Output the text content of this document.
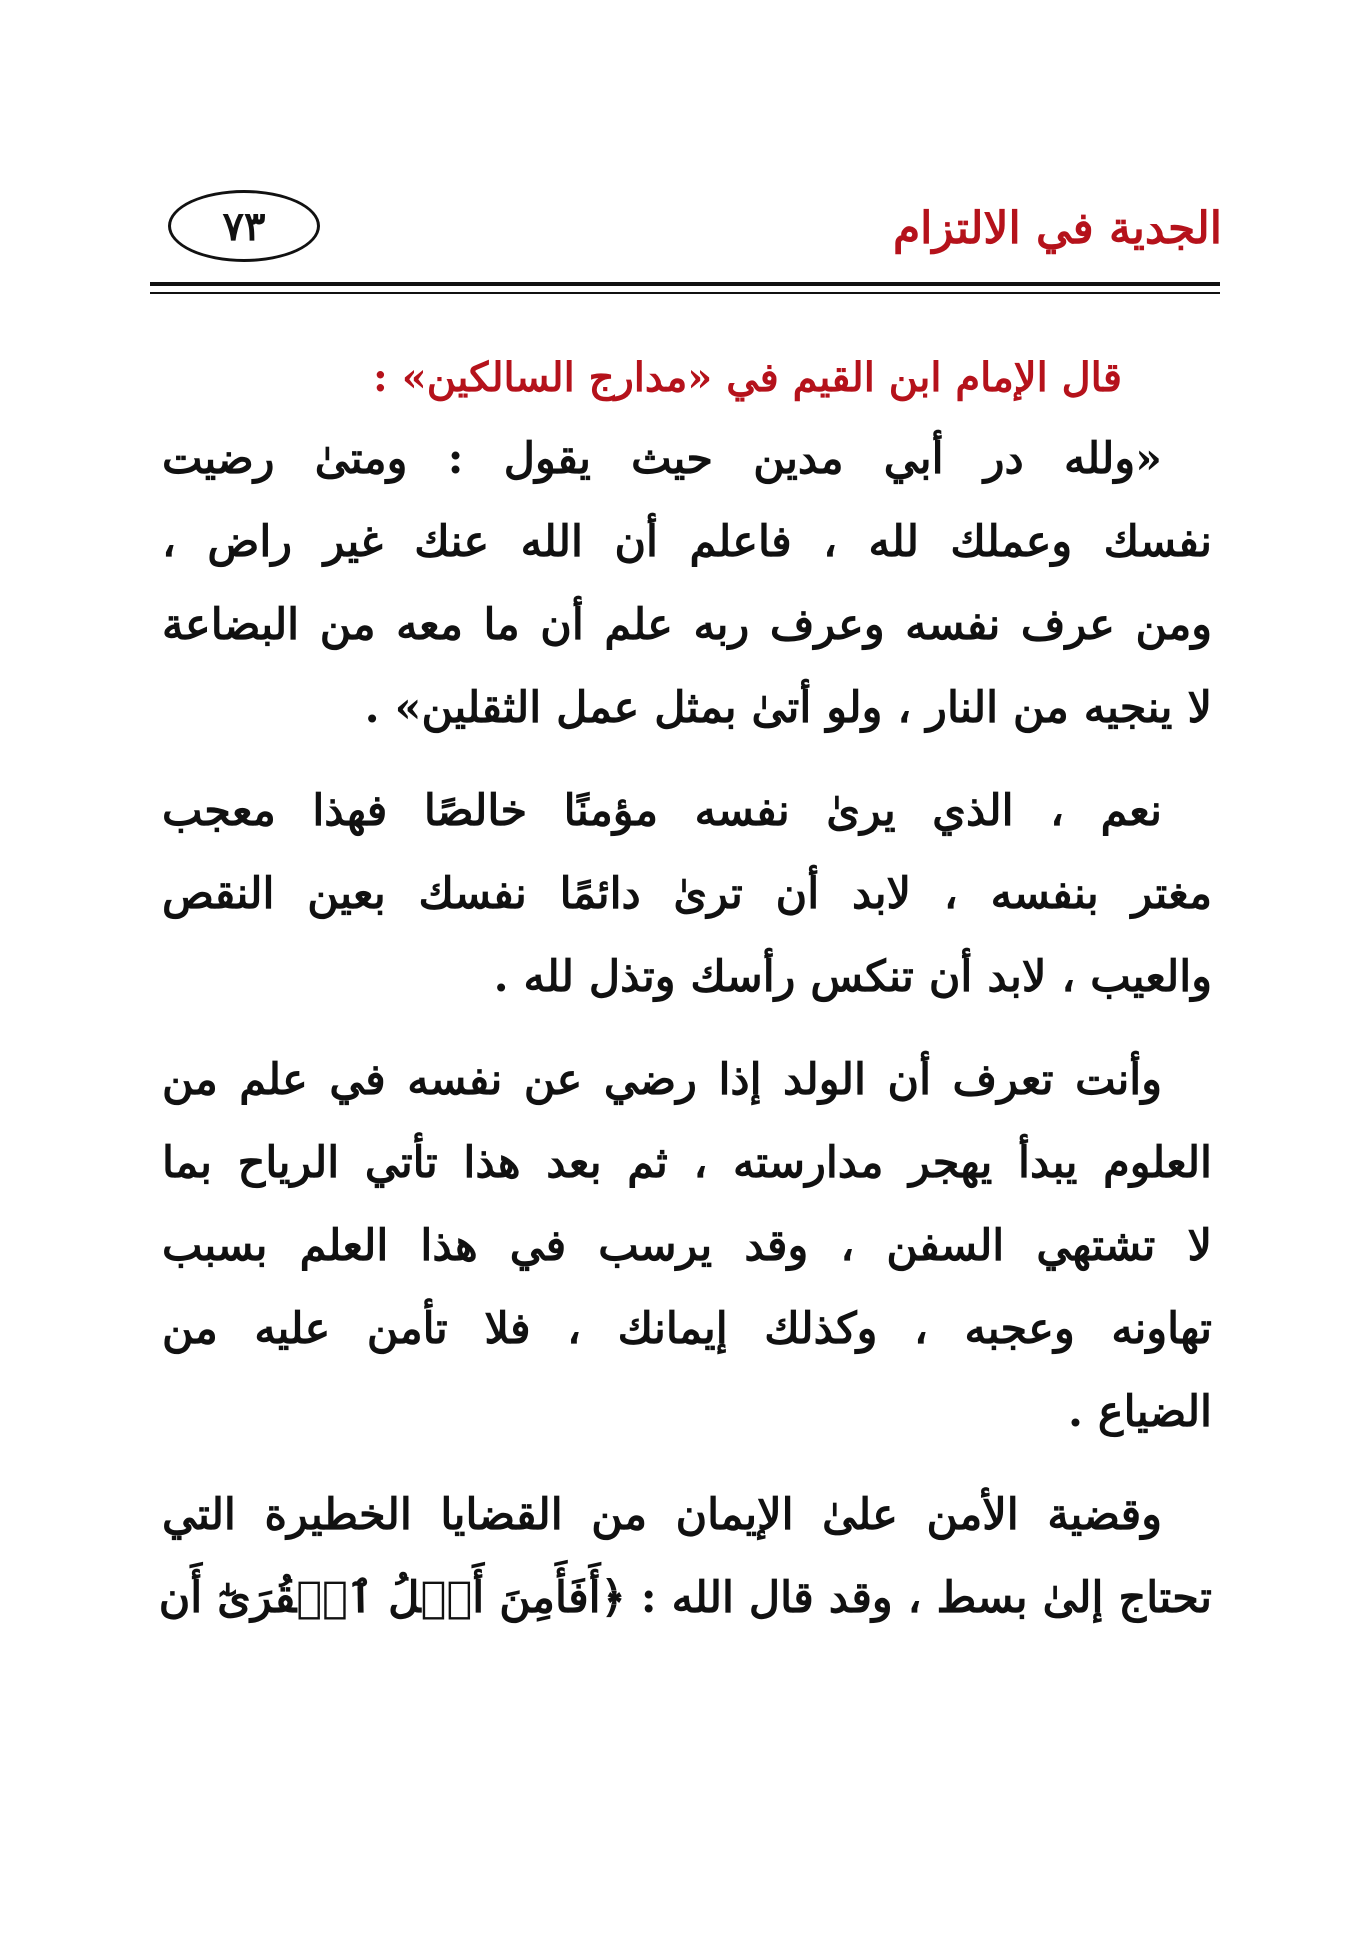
الجدية في الالتزام
٧٣
قال الإمام ابن القيم في «مدارج السالكين» :
«ولله در أبي مدين حيث يقول : ومتىٰ رضيت
نفسك وعملك لله ، فاعلم أن الله عنك غير راض ،
ومن عرف نفسه وعرف ربه علم أن ما معه من البضاعة
لا ينجيه من النار ، ولو أتىٰ بمثل عمل الثقلين» .
نعم ، الذي يرىٰ نفسه مؤمنًا خالصًا فهذا معجب
مغتر بنفسه ، لابد أن ترىٰ دائمًا نفسك بعين النقص
والعيب ، لابد أن تنكس رأسك وتذل لله .
وأنت تعرف أن الولد إذا رضي عن نفسه في علم من
العلوم يبدأ يهجر مدارسته ، ثم بعد هذا تأتي الرياح بما
لا تشتهي السفن ، وقد يرسب في هذا العلم بسبب
تهاونه وعجبه ، وكذلك إيمانك ، فلا تأمن عليه من
الضياع .
وقضية الأمن علىٰ الإيمان من القضايا الخطيرة التي
تحتاج إلىٰ بسط ، وقد قال الله : ﴿أَفَأَمِنَ أَهۡلُ ٱلۡقُرَىٰٓ أَن
